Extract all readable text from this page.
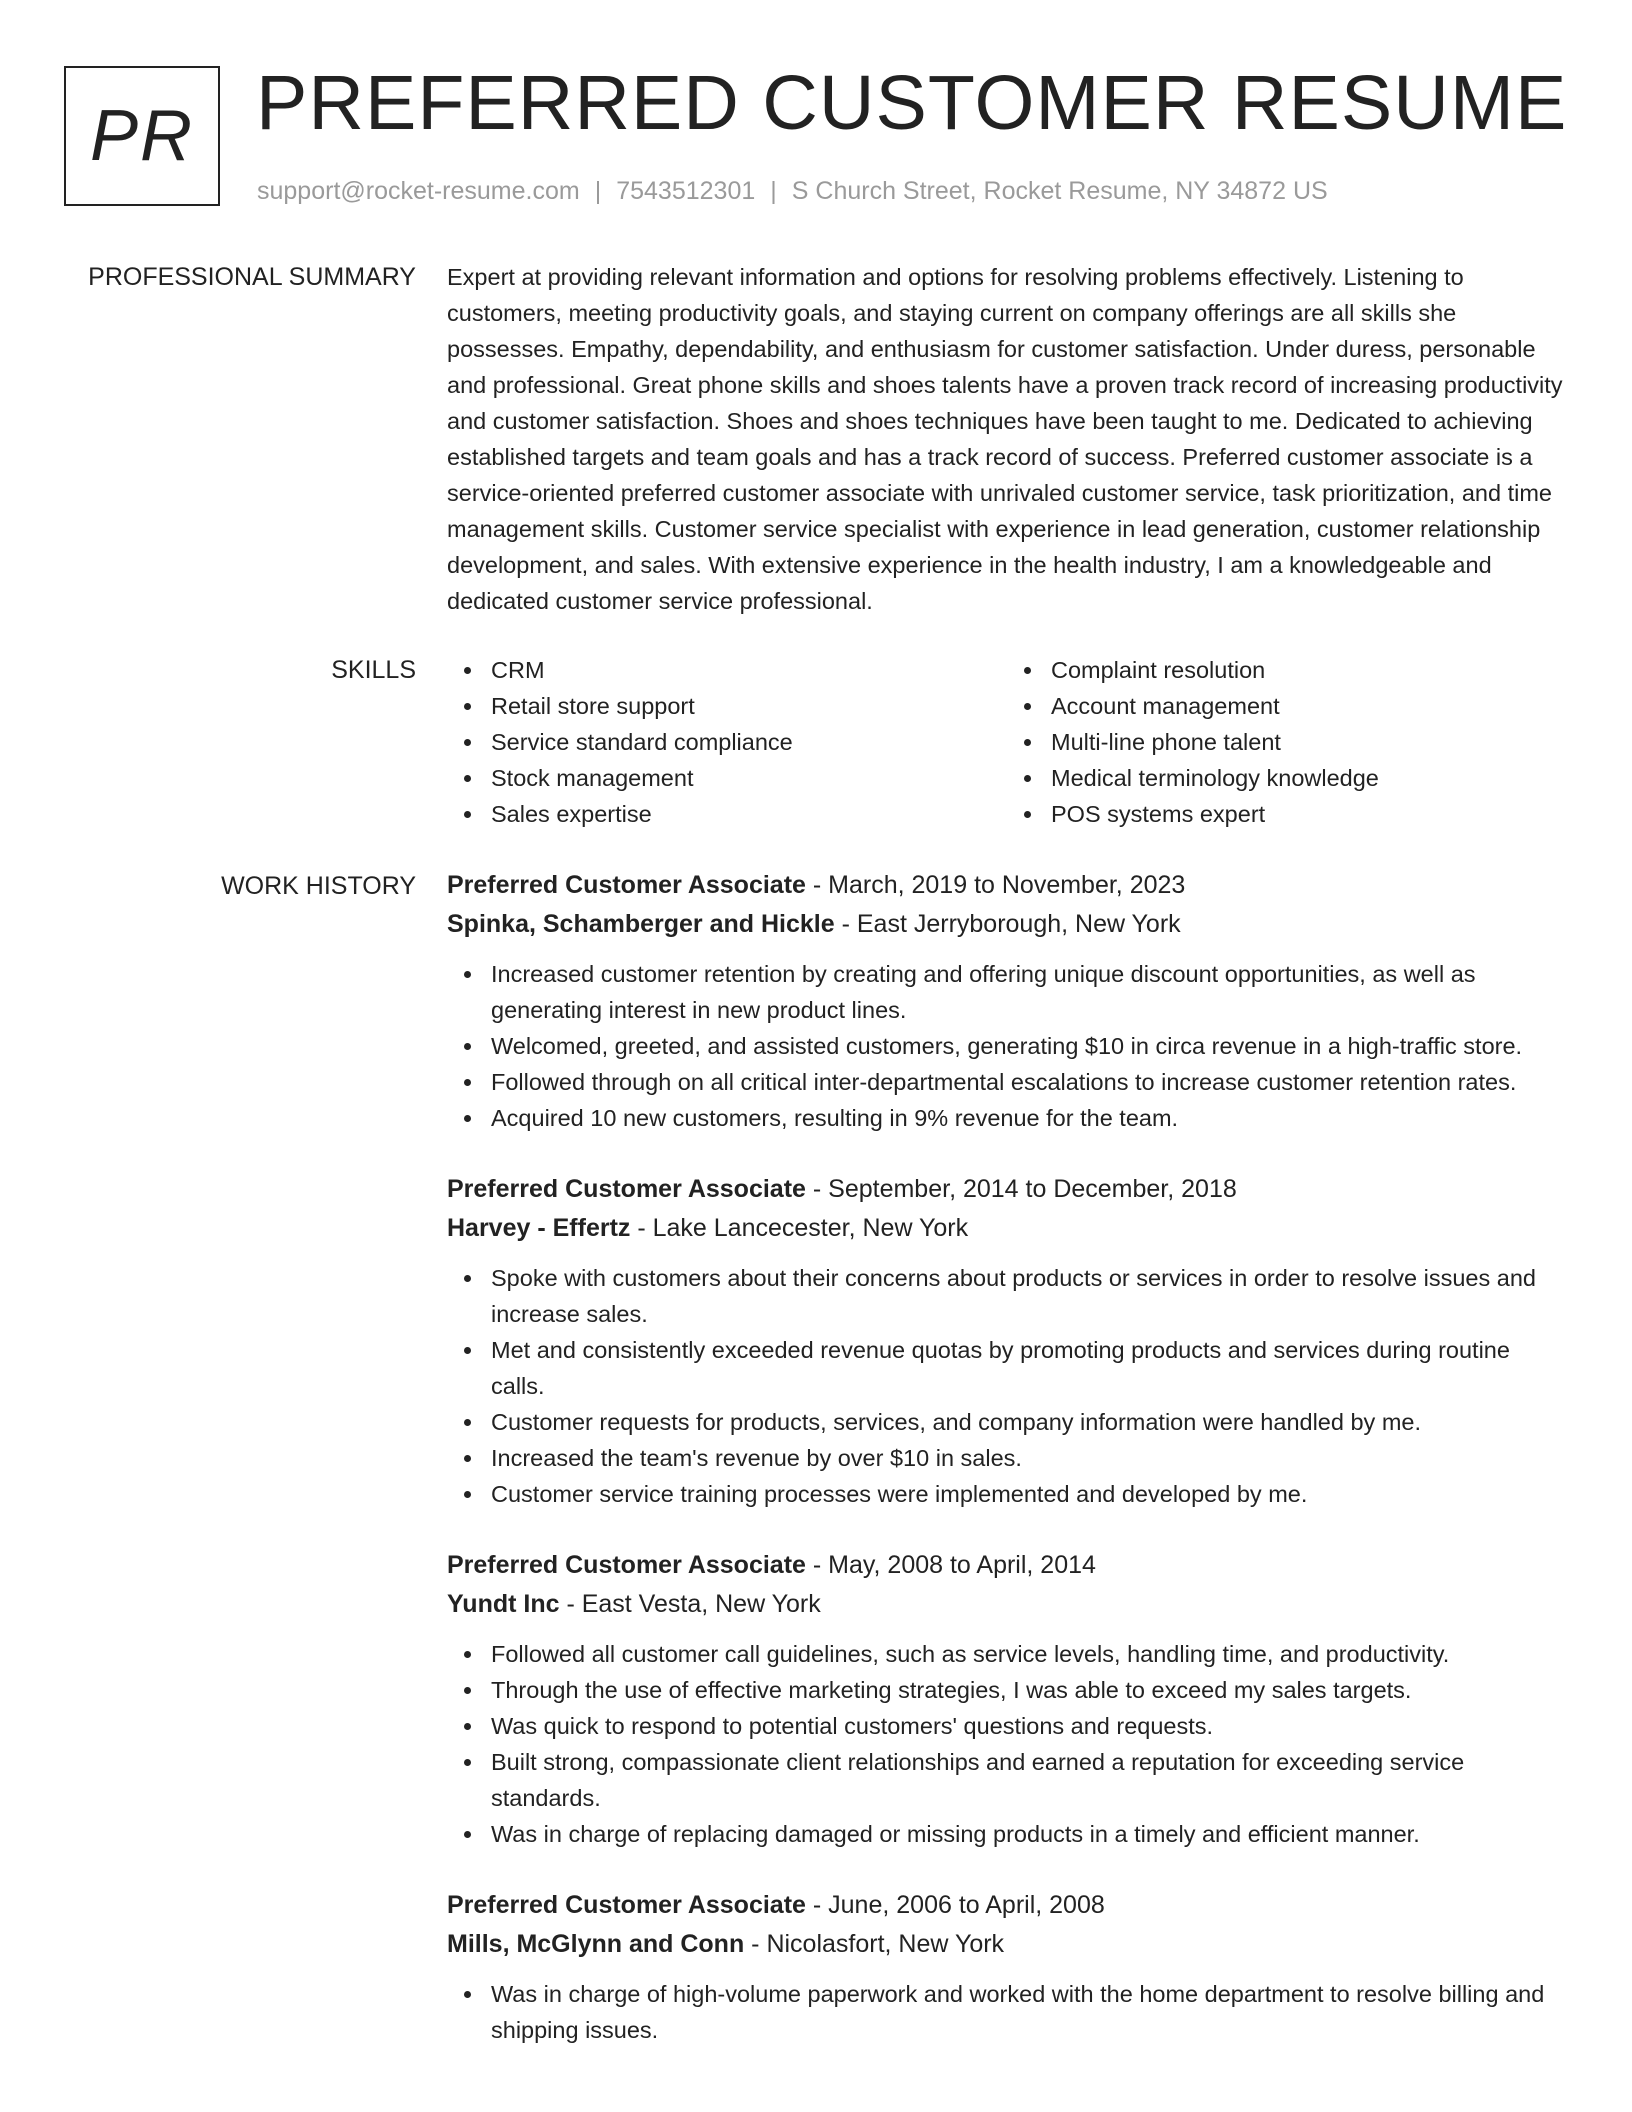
PR PREFERRED CUSTOMER RESUME
support@rocket-resume.com | 7543512301 | S Church Street, Rocket Resume, NY 34872 US
PROFESSIONAL SUMMARY Expert at providing relevant information and options for resolving problems effectively. Listening to customers, meeting productivity goals, and staying current on company offerings are all skills she possesses. Empathy, dependability, and enthusiasm for customer satisfaction. Under duress, personable and professional. Great phone skills and shoes talents have a proven track record of increasing productivity and customer satisfaction. Shoes and shoes techniques have been taught to me. Dedicated to achieving established targets and team goals and has a track record of success. Preferred customer associate is a service-oriented preferred customer associate with unrivaled customer service, task prioritization, and time management skills. Customer service specialist with experience in lead generation, customer relationship development, and sales. With extensive experience in the health industry, I am a knowledgeable and dedicated customer service professional.

SKILLS	CRM
Retail store support
Service standard compliance
Stock management
Sales expertise
Complaint resolution
Account management
Multi-line phone talent
Medical terminology knowledge
POS systems expert
WORK HISTORY Preferred Customer Associate - March, 2019 to November, 2023
Spinka, Schamberger and Hickle - East Jerryborough, New York
Increased customer retention by creating and offering unique discount opportunities, as well as generating interest in new product lines.
Welcomed, greeted, and assisted customers, generating $10 in circa revenue in a high-traffic store.
Followed through on all critical inter-departmental escalations to increase customer retention rates.
Acquired 10 new customers, resulting in 9% revenue for the team.
Preferred Customer Associate - September, 2014 to December, 2018
Harvey - Effertz - Lake Lancecester, New York
Spoke with customers about their concerns about products or services in order to resolve issues and increase sales.
Met and consistently exceeded revenue quotas by promoting products and services during routine calls.
Customer requests for products, services, and company information were handled by me.
Increased the team's revenue by over $10 in sales.
Customer service training processes were implemented and developed by me.
Preferred Customer Associate - May, 2008 to April, 2014
Yundt Inc - East Vesta, New York
Followed all customer call guidelines, such as service levels, handling time, and productivity.
Through the use of effective marketing strategies, I was able to exceed my sales targets.
Was quick to respond to potential customers' questions and requests.
Built strong, compassionate client relationships and earned a reputation for exceeding service standards.
Was in charge of replacing damaged or missing products in a timely and efficient manner.
Preferred Customer Associate - June, 2006 to April, 2008
Mills, McGlynn and Conn - Nicolasfort, New York
Was in charge of high-volume paperwork and worked with the home department to resolve billing and shipping issues.
